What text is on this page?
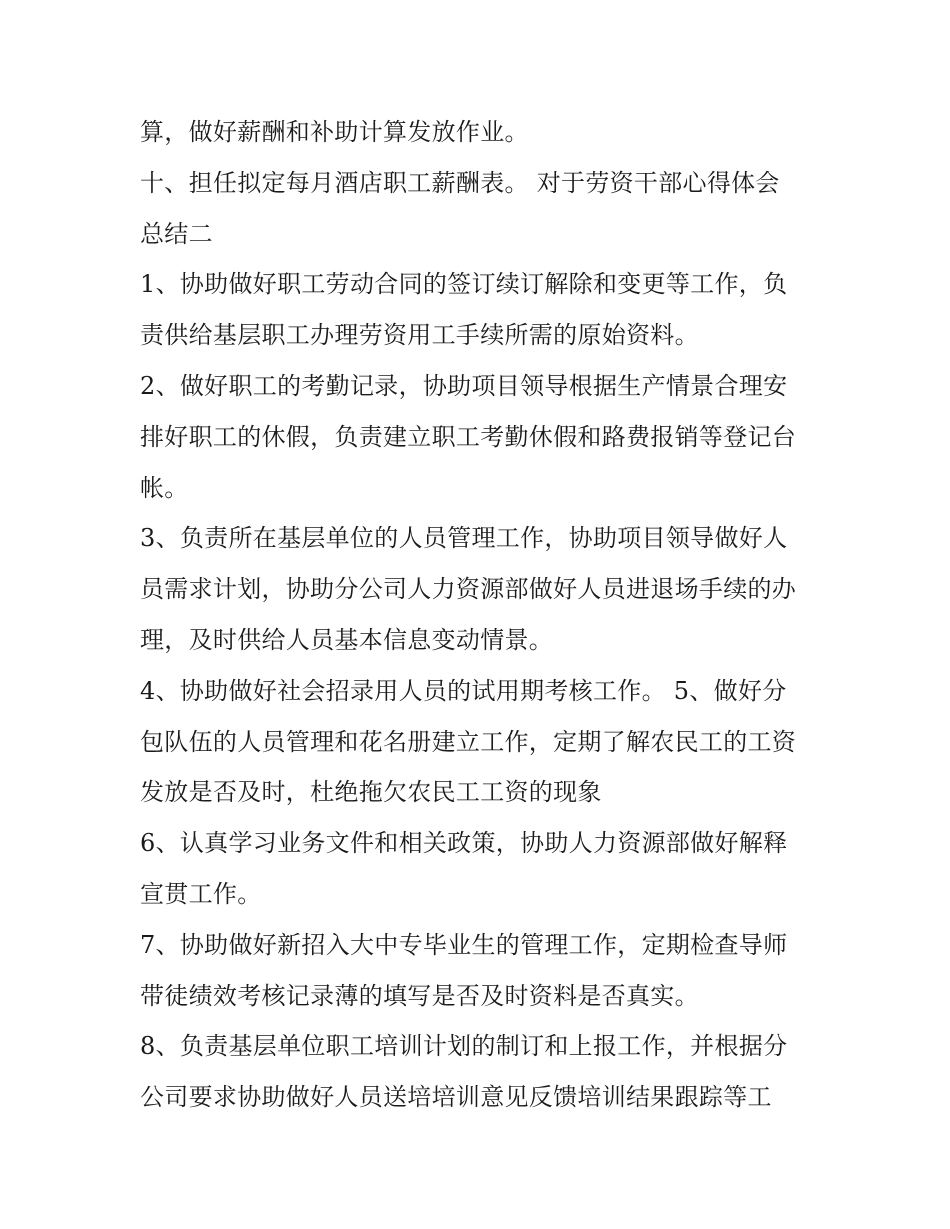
算，做好薪酬和补助计算发放作业。
十、担任拟定每月酒店职工薪酬表。 对于劳资干部心得体会
总结二
1、协助做好职工劳动合同的签订续订解除和变更等工作，负
责供给基层职工办理劳资用工手续所需的原始资料。
2、做好职工的考勤记录，协助项目领导根据生产情景合理安
排好职工的休假，负责建立职工考勤休假和路费报销等登记台
帐。
3、负责所在基层单位的人员管理工作，协助项目领导做好人
员需求计划，协助分公司人力资源部做好人员进退场手续的办
理，及时供给人员基本信息变动情景。
4、协助做好社会招录用人员的试用期考核工作。 5、做好分
包队伍的人员管理和花名册建立工作，定期了解农民工的工资
发放是否及时，杜绝拖欠农民工工资的现象
6、认真学习业务文件和相关政策，协助人力资源部做好解释
宣贯工作。
7、协助做好新招入大中专毕业生的管理工作，定期检查导师
带徒绩效考核记录薄的填写是否及时资料是否真实。
8、负责基层单位职工培训计划的制订和上报工作，并根据分
公司要求协助做好人员送培培训意见反馈培训结果跟踪等工
